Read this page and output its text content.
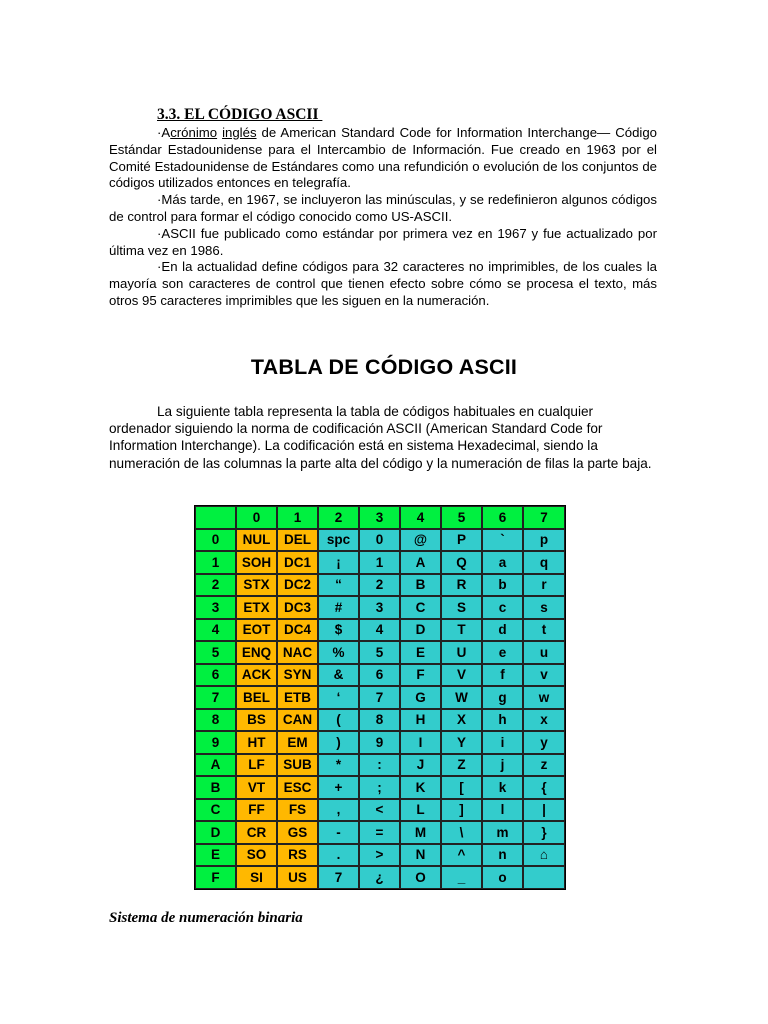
3.3. EL CÓDIGO ASCII

·Acrónimo inglés de American Standard Code for Information Interchange— Código Estándar Estadounidense para el Intercambio de Información. Fue creado en 1963 por el Comité Estadounidense de Estándares como una refundición o evolución de los conjuntos de códigos utilizados entonces en telegrafía.

·Más tarde, en 1967, se incluyeron las minúsculas, y se redefinieron algunos códigos de control para formar el código conocido como US-ASCII.

·ASCII fue publicado como estándar por primera vez en 1967 y fue actualizado por última vez en 1986.

·En la actualidad define códigos para 32 caracteres no imprimibles, de los cuales la mayoría son caracteres de control que tienen efecto sobre cómo se procesa el texto, más otros 95 caracteres imprimibles que les siguen en la numeración.

TABLA DE CÓDIGO ASCII

La siguiente tabla representa la tabla de códigos habituales en cualquier ordenador siguiendo la norma de codificación ASCII (American Standard Code for Information Interchange). La codificación está en sistema Hexadecimal, siendo la numeración de las columnas la parte alta del código y la numeración de filas la parte baja.

	0	1	2	3	4	5	6	7
0	NUL	DEL	spc	0	@	P	`	p
1	SOH	DC1	¡	1	A	Q	a	q
2	STX	DC2	“	2	B	R	b	r
3	ETX	DC3	#	3	C	S	c	s
4	EOT	DC4	$	4	D	T	d	t
5	ENQ	NAC	%	5	E	U	e	u
6	ACK	SYN	&	6	F	V	f	v
7	BEL	ETB	‘	7	G	W	g	w
8	BS	CAN	(	8	H	X	h	x
9	HT	EM	)	9	I	Y	i	y
A	LF	SUB	*	:	J	Z	j	z
B	VT	ESC	+	;	K	[	k	{
C	FF	FS	,	<	L	]	l	|
D	CR	GS	-	=	M	\	m	}
E	SO	RS	.	>	N	^	n	⌂
F	SI	US	7	¿	O	_	o	
Sistema de numeración binaria
